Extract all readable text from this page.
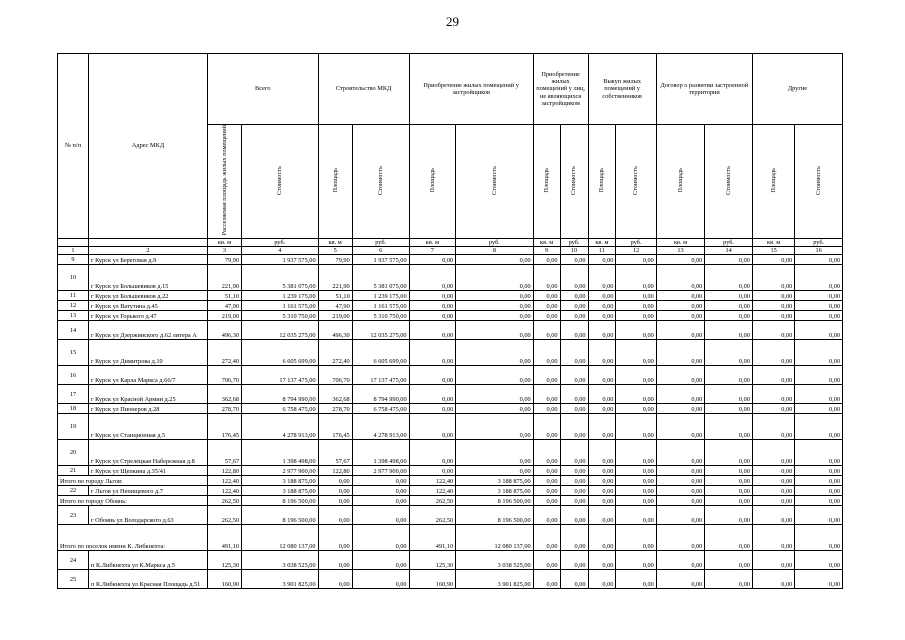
29
№ п/п	Адрес МКД	Всего		Строительство МКД		Приобретение жилых помещений у застройщиков		Приобретение жилых помещений у лиц, не являющихся застройщиком		Выкуп жилых помещений у собственников		Договор о развитии застроенной территории		Другие	
		Расселяемая площадь жилых помещений	Стоимость	Площадь	Стоимость	Площадь	Стоимость	Площадь	Стоимость	Площадь	Стоимость	Площадь	Стоимость	Площадь	Стоимость
		кв. м	руб.	кв. м	руб.	кв. м	руб.	кв. м	руб.	кв. м	руб.	кв. м	руб.	кв. м	руб.
1	2	3	4	5	6	7	8	9	10	11	12	13	14	15	16
9	г Курск ул Береговая д.9	79,90	1 937 575,00	79,90	1 937 575,00	0,00	0,00	0,00	0,00	0,00	0,00	0,00	0,00	0,00	0,00
10	г Курск ул Большевиков д.15	221,90	5 381 075,00	221,90	5 381 075,00	0,00	0,00	0,00	0,00	0,00	0,00	0,00	0,00	0,00	0,00
11	г Курск ул Большевиков д.22	51,10	1 239 175,00	51,10	1 239 175,00	0,00	0,00	0,00	0,00	0,00	0,00	0,00	0,00	0,00	0,00
12	г Курск ул Ватутина д.45	47,90	1 161 575,00	47,90	1 161 575,00	0,00	0,00	0,00	0,00	0,00	0,00	0,00	0,00	0,00	0,00
13	г Курск ул Горького д.47	219,00	5 310 750,00	219,00	5 310 750,00	0,00	0,00	0,00	0,00	0,00	0,00	0,00	0,00	0,00	0,00
14	г Курск ул Дзержинского д.62 литера А	496,30	12 035 275,00	496,30	12 035 275,00	0,00	0,00	0,00	0,00	0,00	0,00	0,00	0,00	0,00	0,00
15	г Курск ул Димитрова д.10	272,40	6 605 699,00	272,40	6 605 699,00	0,00	0,00	0,00	0,00	0,00	0,00	0,00	0,00	0,00	0,00
16	г Курск ул Карла Маркса д.66/7	706,70	17 137 475,00	706,70	17 137 475,00	0,00	0,00	0,00	0,00	0,00	0,00	0,00	0,00	0,00	0,00
17	г Курск ул Красной Армии д.25	362,68	8 794 990,00	362,68	8 794 990,00	0,00	0,00	0,00	0,00	0,00	0,00	0,00	0,00	0,00	0,00
18	г Курск ул Пионеров д.28	278,70	6 758 475,00	278,70	6 758 475,00	0,00	0,00	0,00	0,00	0,00	0,00	0,00	0,00	0,00	0,00
19	г Курск ул Станционная д.5	176,45	4 278 913,00	176,45	4 278 913,00	0,00	0,00	0,00	0,00	0,00	0,00	0,00	0,00	0,00	0,00
20	г Курск ул Стрелецкая Набережная д.8	57,67	1 398 498,00	57,67	1 398 498,00	0,00	0,00	0,00	0,00	0,00	0,00	0,00	0,00	0,00	0,00
21	г Курск ул Щепкина д.35/41	122,80	2 977 900,00	122,80	2 977 900,00	0,00	0,00	0,00	0,00	0,00	0,00	0,00	0,00	0,00	0,00
Итого по городу Льгов:		122,40	3 188 875,00	0,00	0,00	122,40	3 188 875,00	0,00	0,00	0,00	0,00	0,00	0,00	0,00	0,00
22	г Льгов ул Непищевого д.7	122,40	3 188 875,00	0,00	0,00	122,40	3 188 875,00	0,00	0,00	0,00	0,00	0,00	0,00	0,00	0,00
Итого по городу Обоянь:		262,50	8 196 500,00	0,00	0,00	262,50	8 196 500,00	0,00	0,00	0,00	0,00	0,00	0,00	0,00	0,00
23	г Обоянь ул Володарского д.63	262,50	8 196 500,00	0,00	0,00	262,50	8 196 500,00	0,00	0,00	0,00	0,00	0,00	0,00	0,00	0,00
Итого по поселок имени К. Либкнехта:		491,10	12 080 137,00	0,00	0,00	491,10	12 080 137,00	0,00	0,00	0,00	0,00	0,00	0,00	0,00	0,00
24	п К.Либкнехта ул К.Маркса д.5	125,30	3 038 525,00	0,00	0,00	125,30	3 038 525,00	0,00	0,00	0,00	0,00	0,00	0,00	0,00	0,00
25	п К.Либкнехта ул Красная Площадь д.51	160,90	3 901 825,00	0,00	0,00	160,90	3 901 825,00	0,00	0,00	0,00	0,00	0,00	0,00	0,00	0,00
